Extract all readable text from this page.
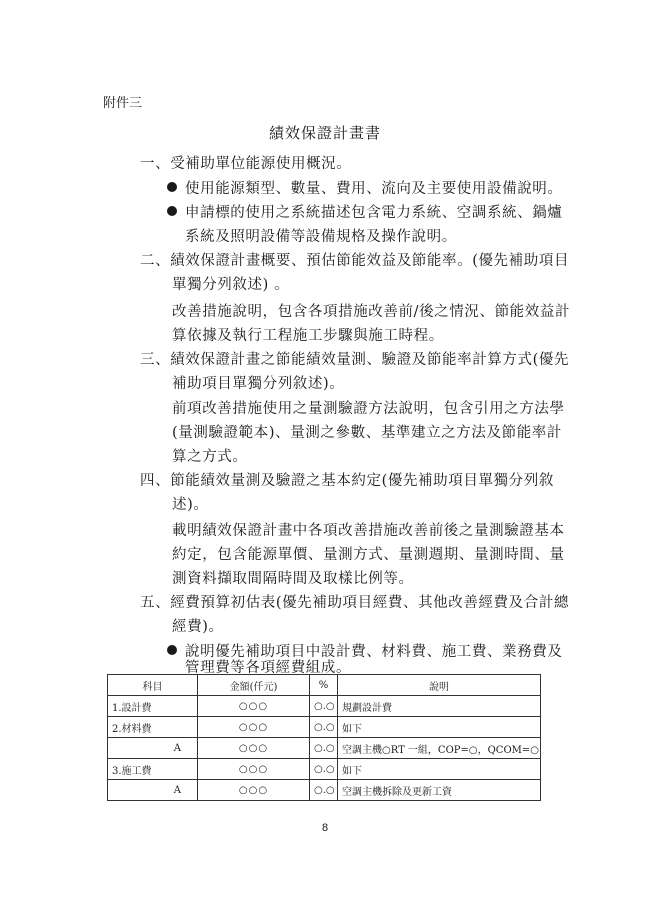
附件三
績效保證計畫書
一、受補助單位能源使用概況。
使用能源類型、數量、費用、流向及主要使用設備說明。
申請標的使用之系統描述包含電力系統、空調系統、鍋爐
系統及照明設備等設備規格及操作說明。
二、績效保證計畫概要、預估節能效益及節能率。(優先補助項目
單獨分列敘述) 。
改善措施說明，包含各項措施改善前/後之情況、節能效益計
算依據及執行工程施工步驟與施工時程。
三、績效保證計畫之節能績效量測、驗證及節能率計算方式(優先
補助項目單獨分列敘述)。
前項改善措施使用之量測驗證方法說明，包含引用之方法學
(量測驗證範本)、量測之參數、基準建立之方法及節能率計
算之方式。
四、節能績效量測及驗證之基本約定(優先補助項目單獨分列敘
述)。
載明績效保證計畫中各項改善措施改善前後之量測驗證基本
約定，包含能源單價、量測方式、量測週期、量測時間、量
測資料擷取間隔時間及取樣比例等。
五、經費預算初估表(優先補助項目經費、其他改善經費及合計總
經費)。
說明優先補助項目中設計費、材料費、施工費、業務費及
管理費等各項經費組成。
科目	金額(仟元)	%	說明
1.設計費	○○○	○.○	規劃設計費
2.材料費	○○○	○.○	如下
A	○○○	○.○	空調主機○RT 一組，COP=○，QCOM=○
3.施工費	○○○	○.○	如下
A	○○○	○.○	空調主機拆除及更新工資
8
